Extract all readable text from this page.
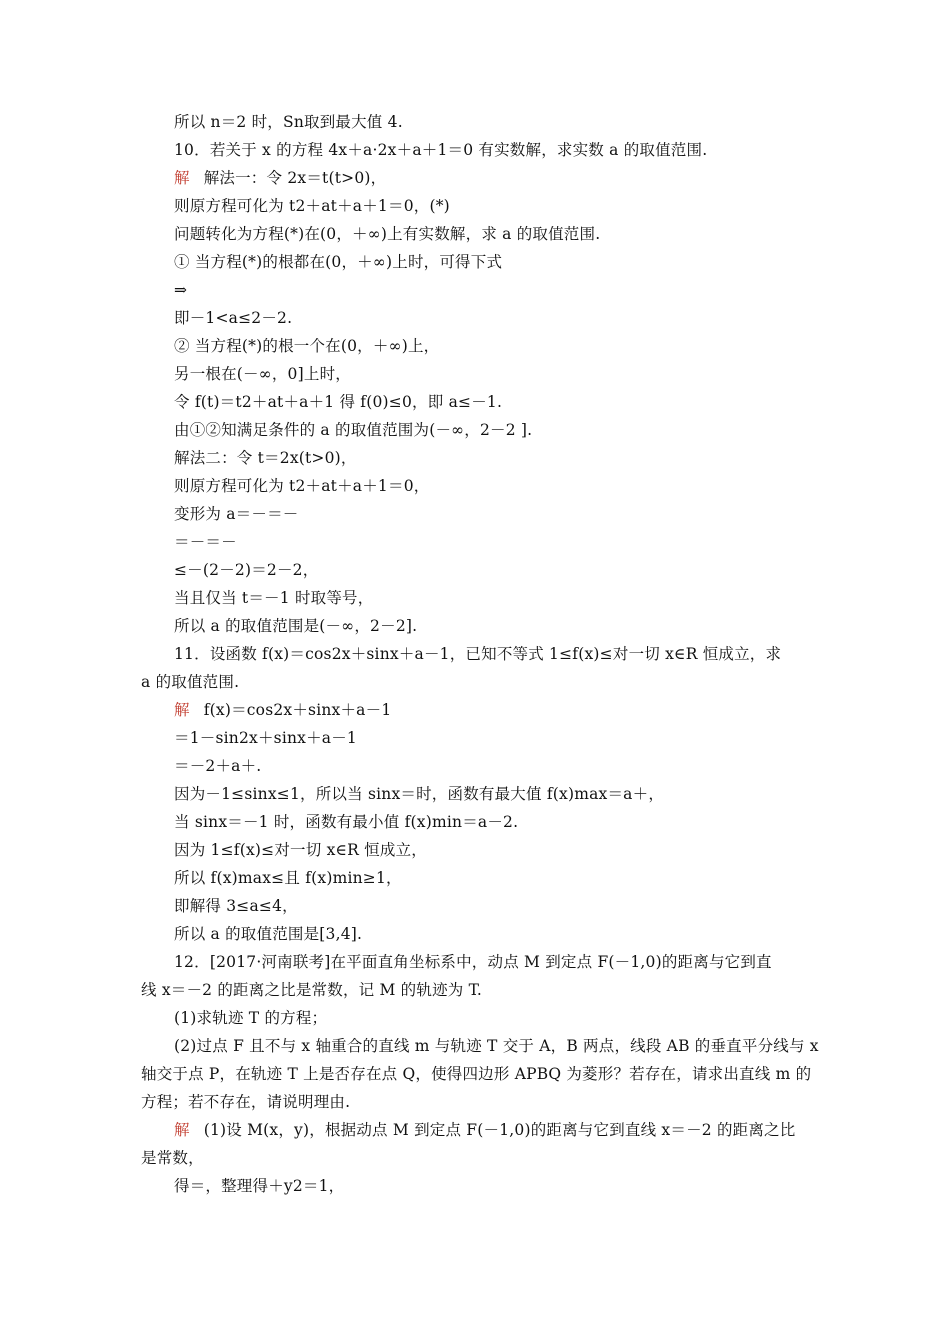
所以 n＝2 时，Sn取到最大值 4.
10．若关于 x 的方程 4x＋a·2x＋a＋1＝0 有实数解，求实数 a 的取值范围.
解 解法一：令 2x＝t(t>0)，
则原方程可化为 t2＋at＋a＋1＝0，(*)
问题转化为方程(*)在(0，＋∞)上有实数解，求 a 的取值范围.
① 当方程(*)的根都在(0，＋∞)上时，可得下式
⇒
即－1<a≤2－2.
② 当方程(*)的根一个在(0，＋∞)上，
另一根在(－∞，0]上时，
令 f(t)＝t2＋at＋a＋1 得 f(0)≤0，即 a≤－1.
由①②知满足条件的 a 的取值范围为(－∞，2－2 ].
解法二：令 t＝2x(t>0)，
则原方程可化为 t2＋at＋a＋1＝0，
变形为 a＝－＝－
＝－＝－
≤－(2－2)＝2－2，
当且仅当 t＝－1 时取等号，
所以 a 的取值范围是(－∞，2－2].
11．设函数 f(x)＝cos2x＋sinx＋a－1，已知不等式 1≤f(x)≤对一切 x∈R 恒成立，求
a 的取值范围.
解 f(x)＝cos2x＋sinx＋a－1
＝1－sin2x＋sinx＋a－1
＝－2＋a＋.
因为－1≤sinx≤1，所以当 sinx＝时，函数有最大值 f(x)max＝a＋，
当 sinx＝－1 时，函数有最小值 f(x)min＝a－2.
因为 1≤f(x)≤对一切 x∈R 恒成立，
所以 f(x)max≤且 f(x)min≥1，
即解得 3≤a≤4，
所以 a 的取值范围是[3,4].
12．[2017·河南联考]在平面直角坐标系中，动点 M 到定点 F(－1,0)的距离与它到直
线 x＝－2 的距离之比是常数，记 M 的轨迹为 T.
(1)求轨迹 T 的方程；
(2)过点 F 且不与 x 轴重合的直线 m 与轨迹 T 交于 A，B 两点，线段 AB 的垂直平分线与 x
轴交于点 P，在轨迹 T 上是否存在点 Q，使得四边形 APBQ 为菱形？若存在，请求出直线 m 的
方程；若不存在，请说明理由.
解 (1)设 M(x，y)，根据动点 M 到定点 F(－1,0)的距离与它到直线 x＝－2 的距离之比
是常数，
得＝，整理得＋y2＝1，
